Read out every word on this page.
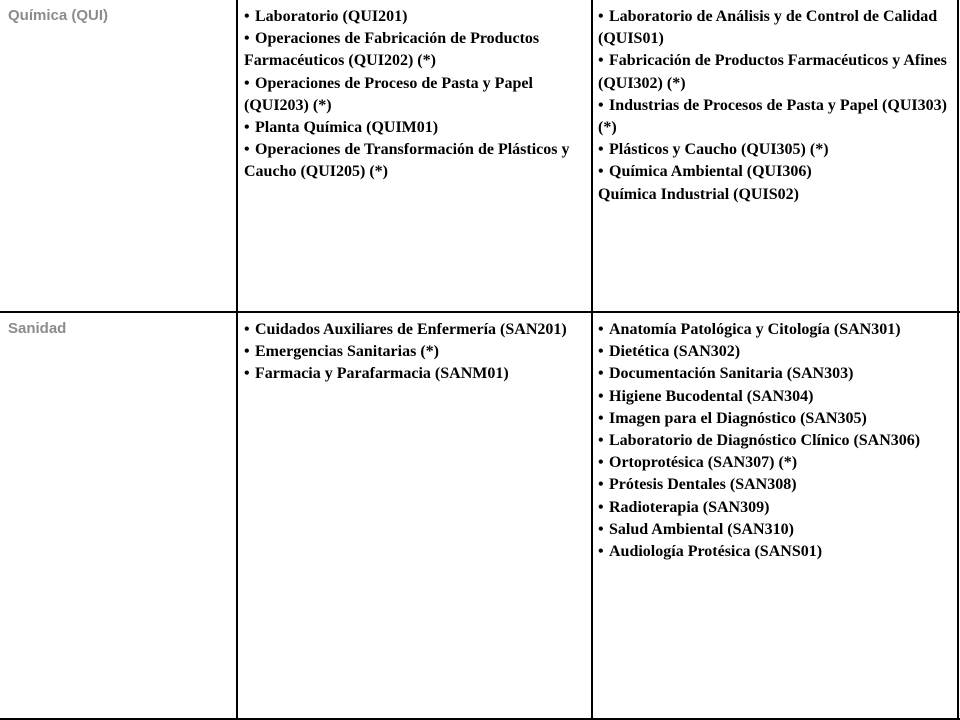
Química (QUI)	• Laboratorio (QUI201)
• Operaciones de Fabricación de Productos Farmacéuticos (QUI202) (*)
• Operaciones de Proceso de Pasta y Papel (QUI203) (*)
• Planta Química (QUIM01)
• Operaciones de Transformación de Plásticos y Caucho (QUI205) (*)
• Laboratorio de Análisis y de Control de Calidad (QUIS01)
• Fabricación de Productos Farmacéuticos y Afines (QUI302) (*)
• Industrias de Procesos de Pasta y Papel (QUI303) (*)
• Plásticos y Caucho (QUI305) (*)
• Química Ambiental (QUI306)
Química Industrial (QUIS02)
Sanidad	• Cuidados Auxiliares de Enfermería (SAN201)
• Emergencias Sanitarias (*)
• Farmacia y Parafarmacia (SANM01)
• Anatomía Patológica y Citología (SAN301)
• Dietética (SAN302)
• Documentación Sanitaria (SAN303)
• Higiene Bucodental (SAN304)
• Imagen para el Diagnóstico (SAN305)
• Laboratorio de Diagnóstico Clínico (SAN306)
• Ortoprotésica (SAN307) (*)
• Prótesis Dentales (SAN308)
• Radioterapia (SAN309)
• Salud Ambiental (SAN310)
• Audiología Protésica (SANS01)
